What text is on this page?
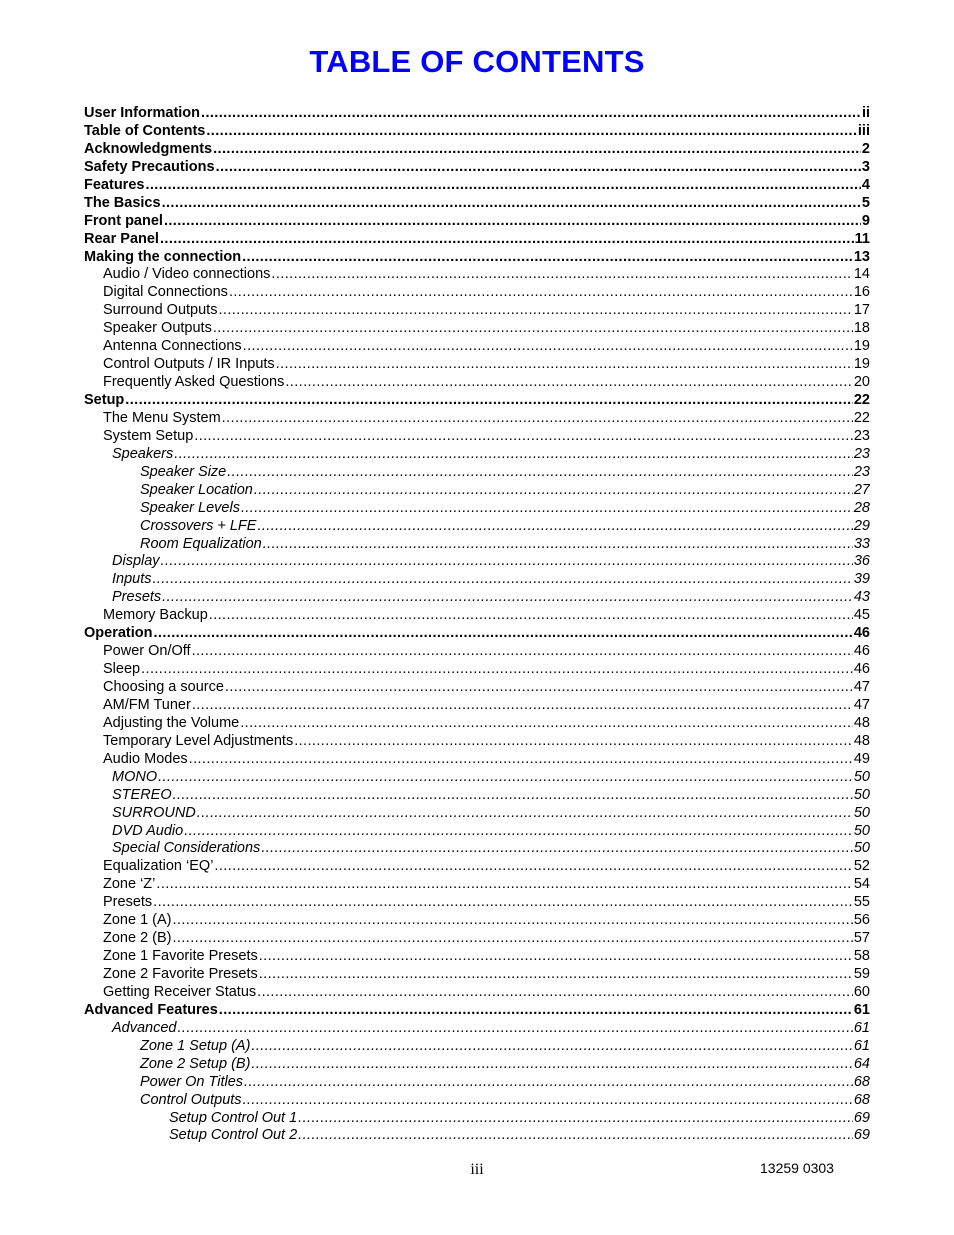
TABLE OF CONTENTS
User Information .....	ii
Table of Contents .....	iii
Acknowledgments .....	2
Safety Precautions .....	3
Features .....	4
The Basics .....	5
Front panel .....	9
Rear Panel .....	11
Making the connection .....	13
Audio / Video connections .....	14
Digital Connections .....	16
Surround Outputs .....	17
Speaker Outputs .....	18
Antenna Connections .....	19
Control Outputs / IR Inputs .....	19
Frequently Asked Questions .....	20
Setup .....	22
The Menu System .....	22
System Setup .....	23
Speakers .....	23
Speaker Size .....	23
Speaker Location .....	27
Speaker Levels .....	28
Crossovers + LFE .....	29
Room Equalization .....	33
Display .....	36
Inputs .....	39
Presets .....	43
Memory Backup .....	45
Operation .....	46
Power On/Off .....	46
Sleep .....	46
Choosing a source .....	47
AM/FM Tuner .....	47
Adjusting the Volume .....	48
Temporary Level Adjustments .....	48
Audio Modes .....	49
MONO .....	50
STEREO .....	50
SURROUND .....	50
DVD Audio .....	50
Special Considerations .....	50
Equalization ‘EQ’ .....	52
Zone ‘Z’ .....	54
Presets .....	55
Zone 1 (A) .....	56
Zone 2 (B) .....	57
Zone 1 Favorite Presets .....	58
Zone 2 Favorite Presets .....	59
Getting Receiver Status .....	60
Advanced Features .....	61
Advanced .....	61
Zone 1 Setup (A) .....	61
Zone 2 Setup (B) .....	64
Power On Titles .....	68
Control Outputs .....	68
Setup Control Out 1 .....	69
Setup Control Out 2 .....	69
iii	13259 0303
